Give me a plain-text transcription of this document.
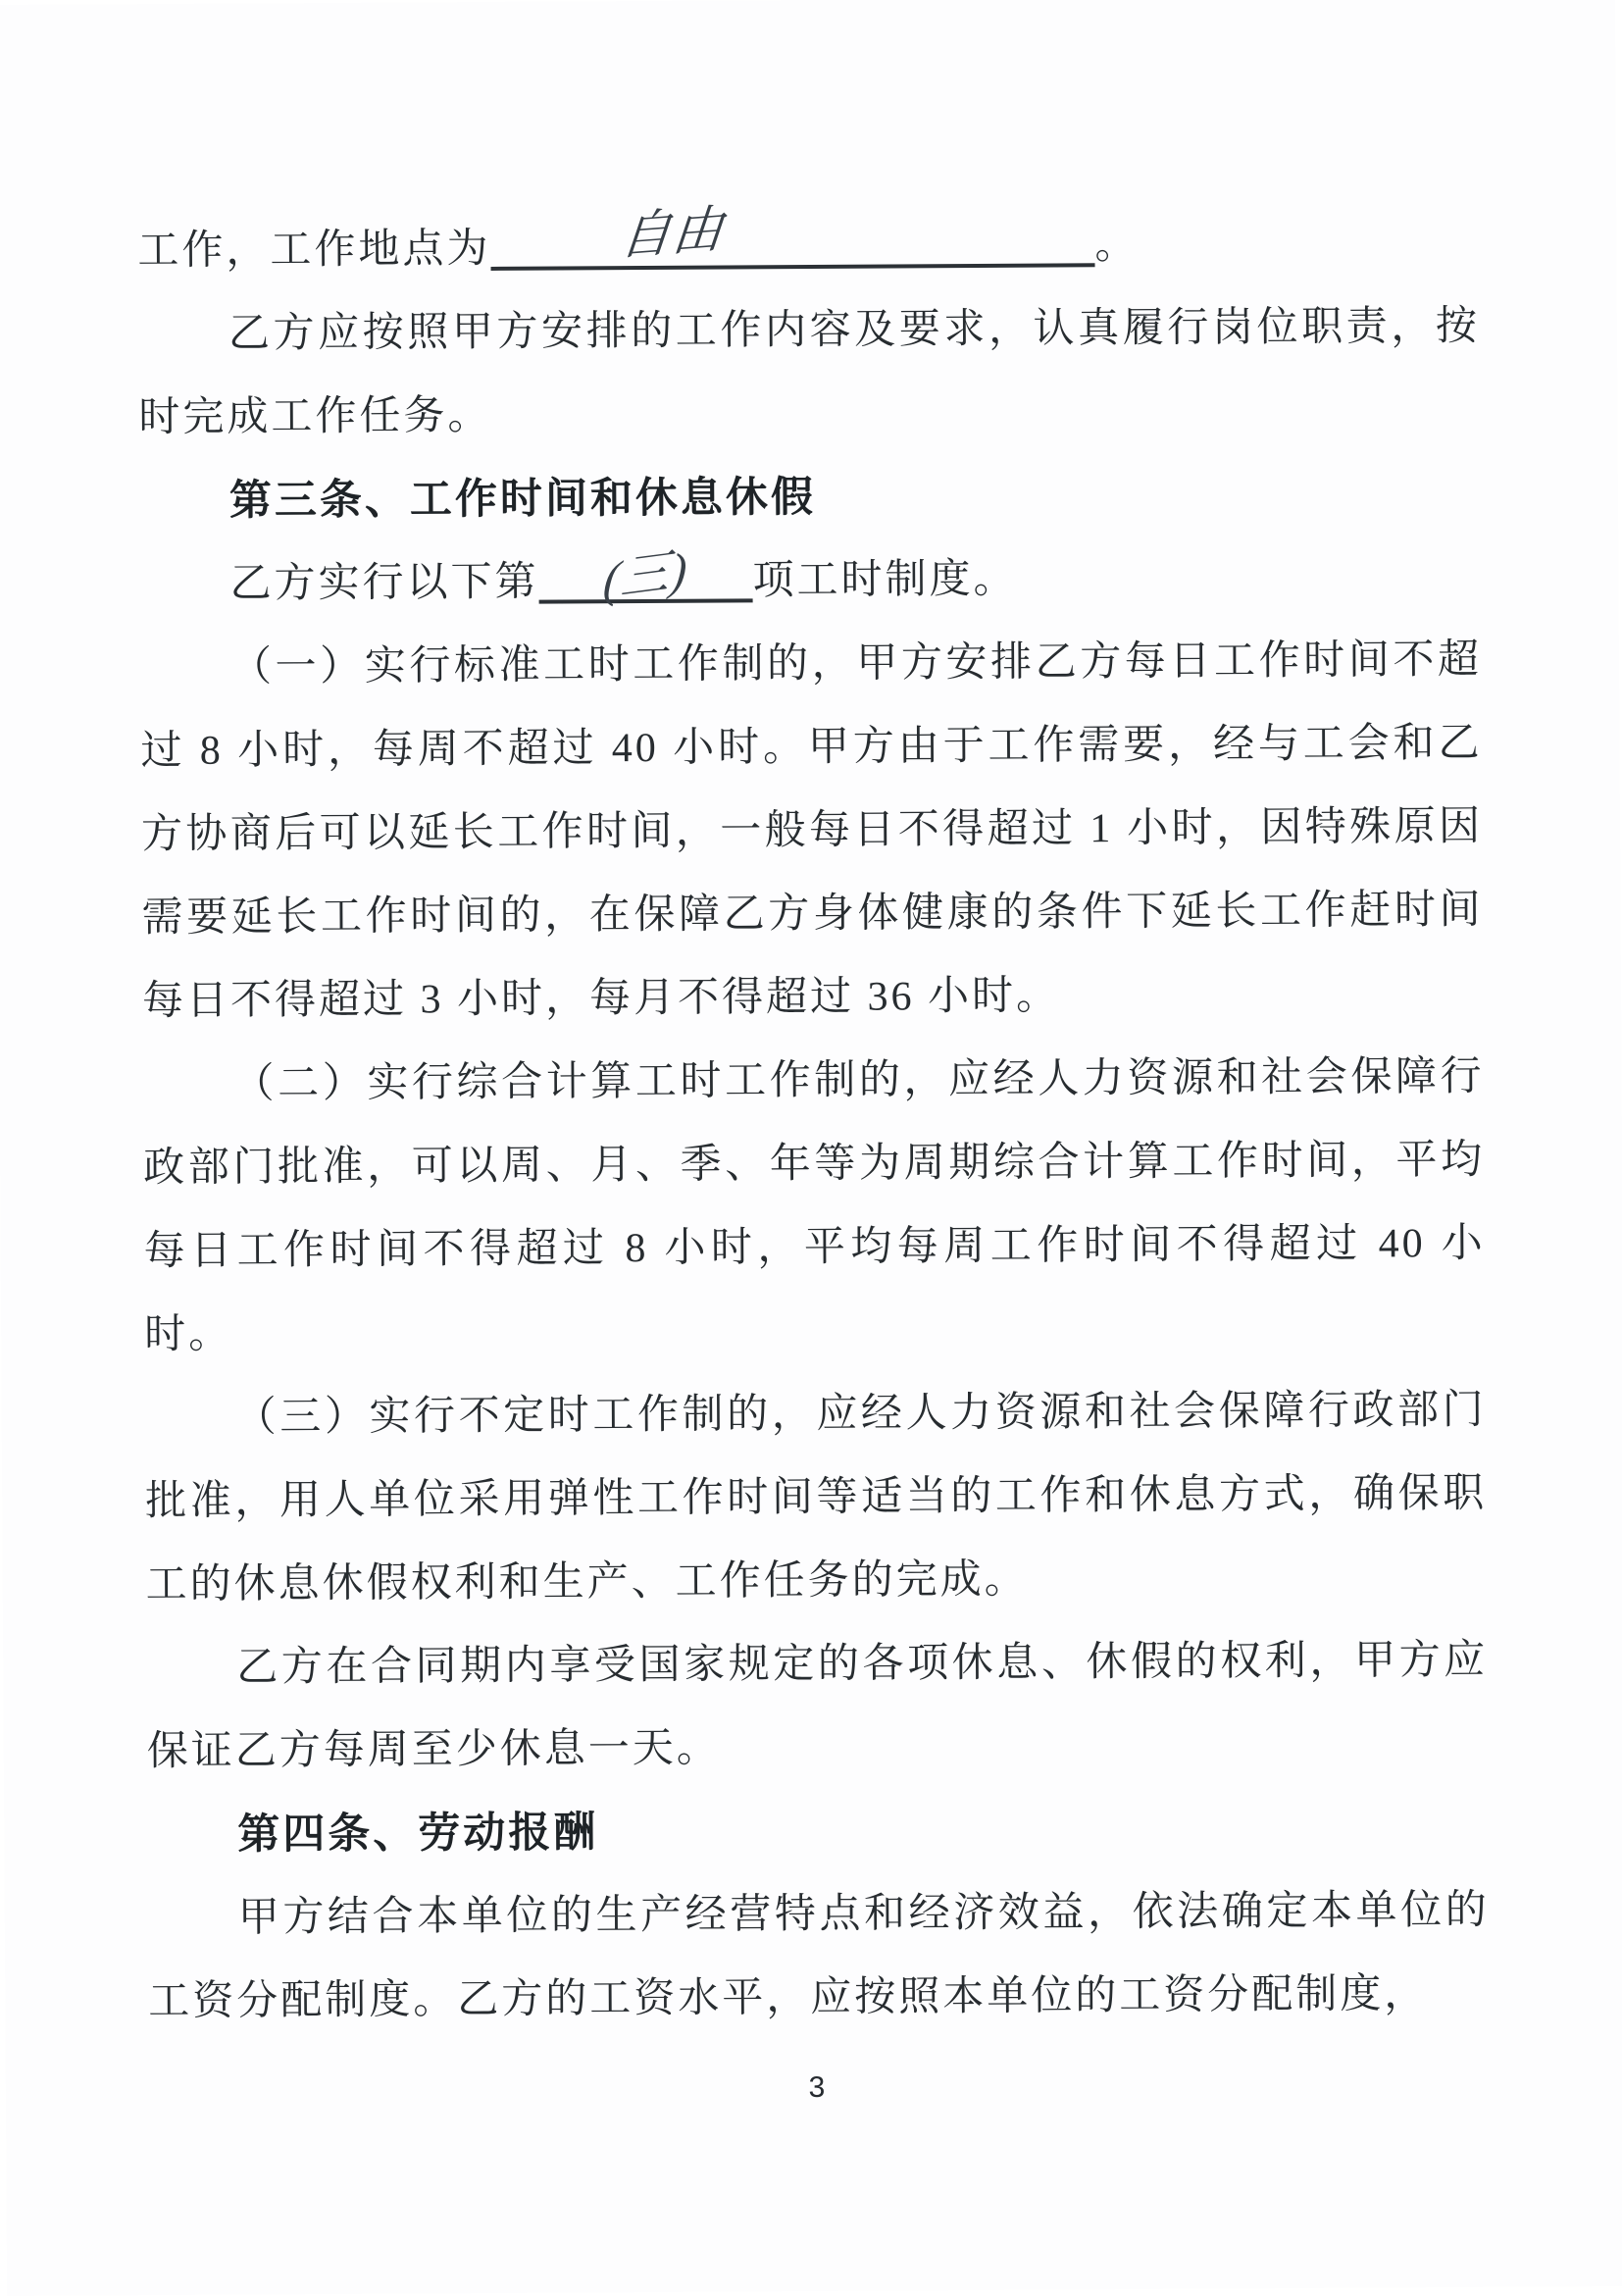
工作，工作地点为 自由	。

乙方应按照甲方安排的工作内容及要求，认真履行岗位职责，按时完成工作任务。

第三条、工作时间和休息休假

乙方实行以下第 (三) 项工时制度。

（一）实行标准工时工作制的，甲方安排乙方每日工作时间不超过 8 小时，每周不超过 40 小时。甲方由于工作需要，经与工会和乙方协商后可以延长工作时间，一般每日不得超过 1 小时，因特殊原因需要延长工作时间的，在保障乙方身体健康的条件下延长工作赶时间每日不得超过 3 小时，每月不得超过 36 小时。

（二）实行综合计算工时工作制的，应经人力资源和社会保障行政部门批准，可以周、月、季、年等为周期综合计算工作时间，平均每日工作时间不得超过 8 小时，平均每周工作时间不得超过 40 小时。

（三）实行不定时工作制的，应经人力资源和社会保障行政部门批准，用人单位采用弹性工作时间等适当的工作和休息方式，确保职工的休息休假权利和生产、工作任务的完成。

乙方在合同期内享受国家规定的各项休息、休假的权利，甲方应保证乙方每周至少休息一天。

第四条、劳动报酬

甲方结合本单位的生产经营特点和经济效益，依法确定本单位的工资分配制度。乙方的工资水平，应按照本单位的工资分配制度，

3
